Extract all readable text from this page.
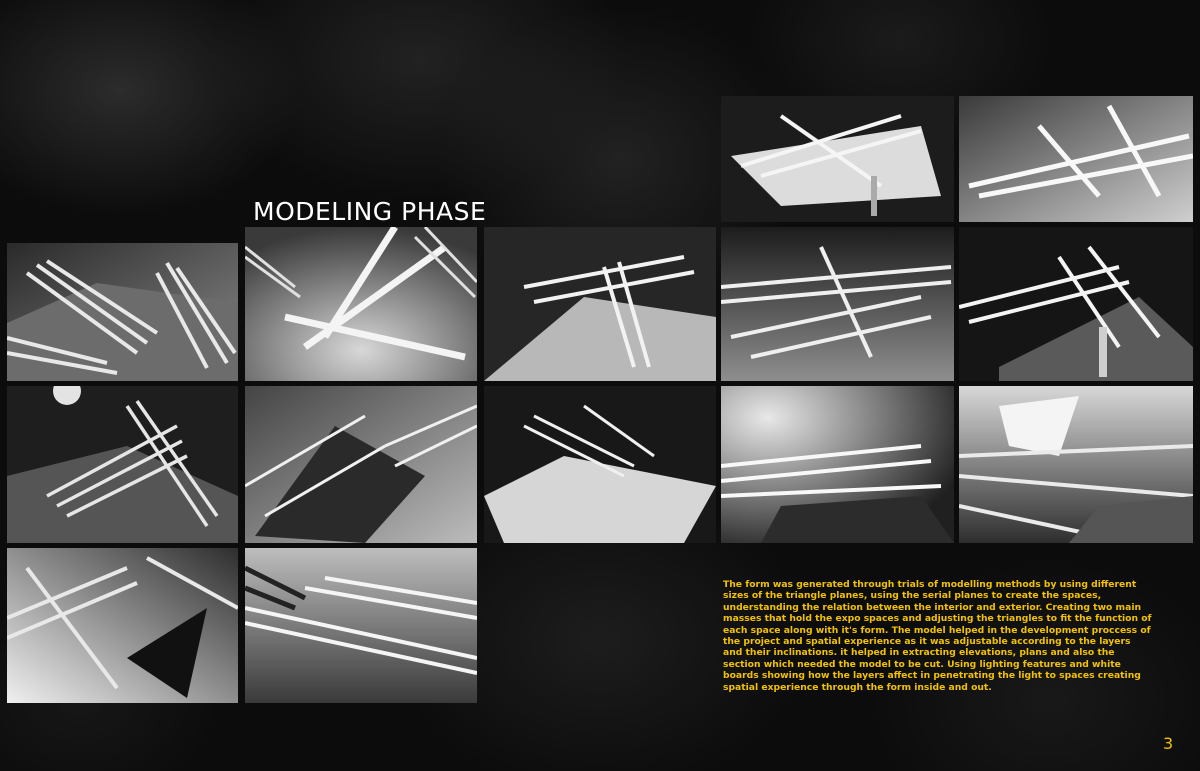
MODELING PHASE

The form was generated through trials of modelling methods by using different sizes of the triangle planes, using the serial planes to create the spaces, understanding the relation between the interior and exterior. Creating two main masses that hold the expo spaces and adjusting the triangles to fit the function of each space along with it's form. The model helped in the development proccess of the project and spatial experience as it was adjustable according to the layers and their inclinations. it helped in extracting elevations, plans and also the section which needed the model to be cut. Using lighting features and white boards showing how the layers affect in penetrating the light to spaces creating spatial experience through the form inside and out.

3
